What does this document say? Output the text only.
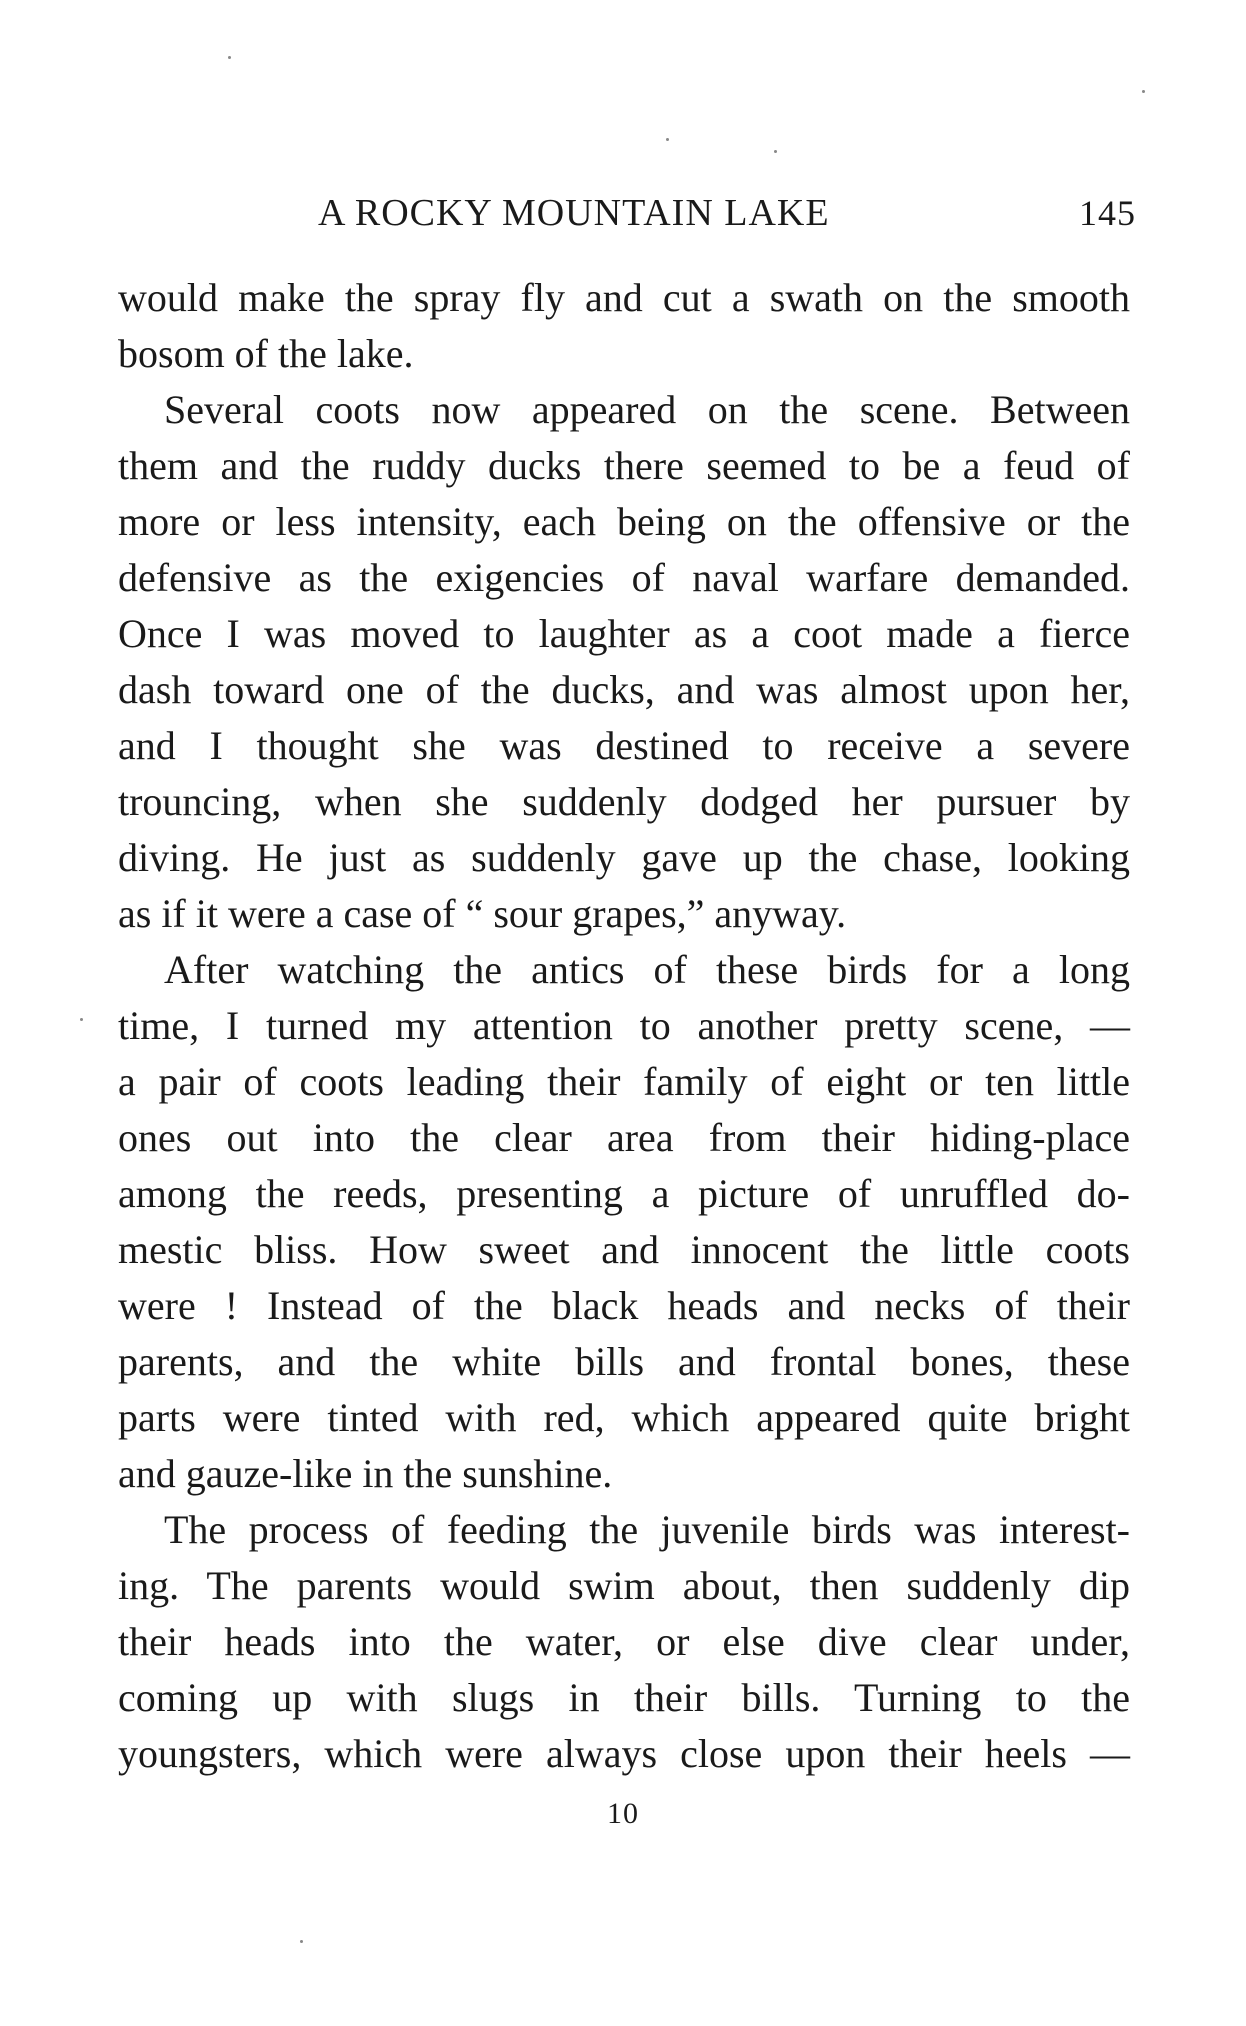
A ROCKY MOUNTAIN LAKE	145
would make the spray fly and cut a swath on the smooth
bosom of the lake.
Several coots now appeared on the scene. Between
them and the ruddy ducks there seemed to be a feud of
more or less intensity, each being on the offensive or the
defensive as the exigencies of naval warfare demanded.
Once I was moved to laughter as a coot made a fierce
dash toward one of the ducks, and was almost upon her,
and I thought she was destined to receive a severe
trouncing, when she suddenly dodged her pursuer by
diving. He just as suddenly gave up the chase, looking
as if it were a case of “ sour grapes,” anyway.
After watching the antics of these birds for a long
time, I turned my attention to another pretty scene, —
a pair of coots leading their family of eight or ten little
ones out into the clear area from their hiding-place
among the reeds, presenting a picture of unruffled do-
mestic bliss. How sweet and innocent the little coots
were ! Instead of the black heads and necks of their
parents, and the white bills and frontal bones, these
parts were tinted with red, which appeared quite bright
and gauze-like in the sunshine.
The process of feeding the juvenile birds was interest-
ing. The parents would swim about, then suddenly dip
their heads into the water, or else dive clear under,
coming up with slugs in their bills. Turning to the
youngsters, which were always close upon their heels —
10
